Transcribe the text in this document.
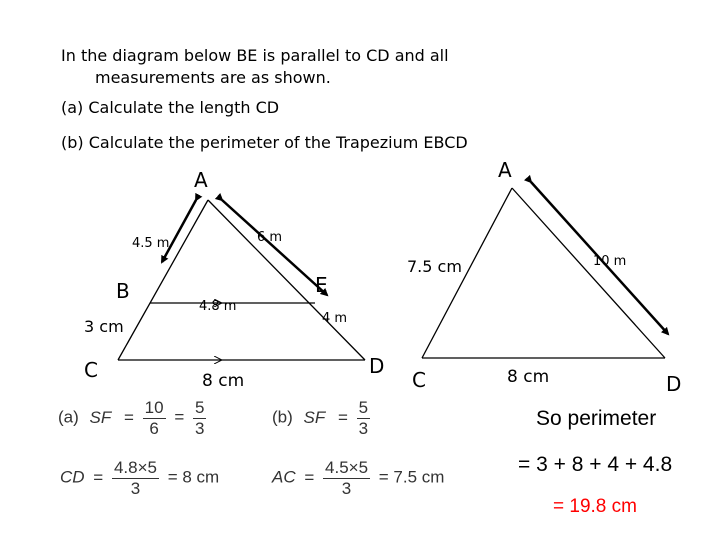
In the diagram below BE is parallel to CD and all
measurements are as shown.
(a) Calculate the length CD
(b) Calculate the perimeter of the Trapezium EBCD
A
B
C	D
E
4.5 m	6 m
4.8 m
3 cm	4 m
8 cm
A
C	D
7.5 cm	10 m
8 cm
(a) SF = $\frac{10}{6} = \frac{5}{3}$	(b) SF = $\frac{5}{3}$
CD = $\frac{4.8\times 5}{3} = 8$ cm	AC = $\frac{4.5\times 5}{3} = 7.5$ cm
So perimeter
= 3 + 8 + 4 + 4.8
= 19.8 cm
